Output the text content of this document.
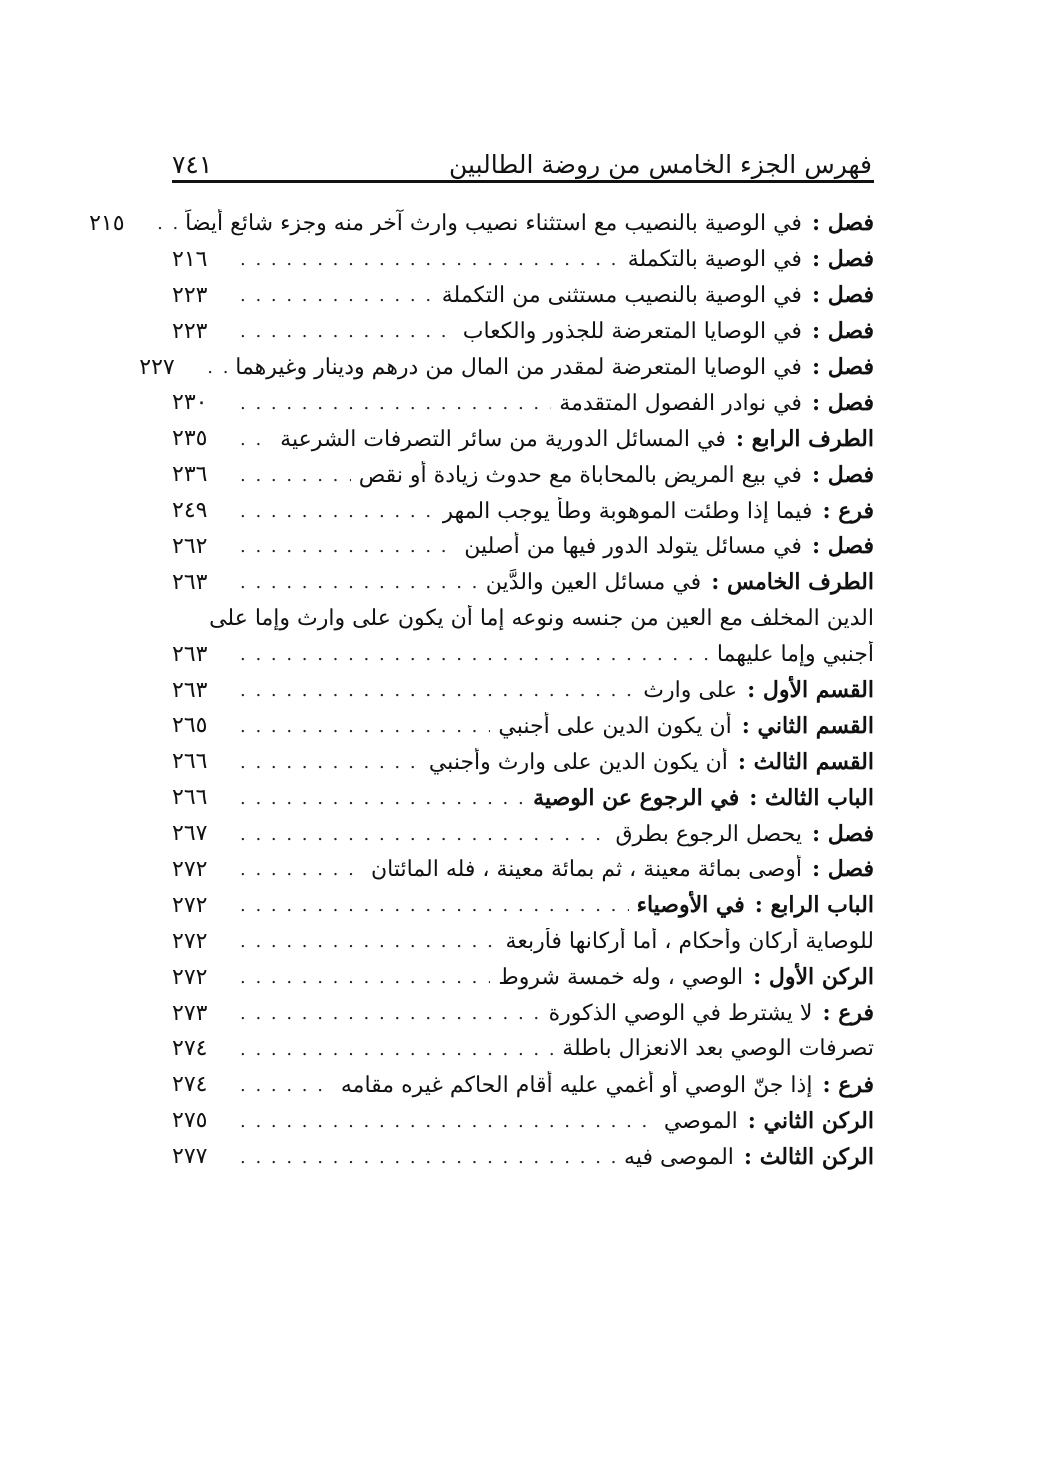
فهرس الجزء الخامس من روضة الطالبين
٧٤١
فصل :في الوصية بالنصيب مع استثناء نصيب وارث آخر منه وجزء شائع أيضاً
. . .
٢١٥
فصل :في الوصية بالتكملة
. . .
٢١٦
فصل :في الوصية بالنصيب مستثنى من التكملة
. . .
٢٢٣
فصل :في الوصايا المتعرضة للجذور والكعاب
. . .
٢٢٣
فصل :في الوصايا المتعرضة لمقدر من المال من درهم ودينار وغيرهما
. . .
٢٢٧
فصل :في نوادر الفصول المتقدمة
. . .
٢٣٠
الطرف الرابع :في المسائل الدورية من سائر التصرفات الشرعية
. . .
٢٣٥
فصل :في بيع المريض بالمحاباة مع حدوث زيادة أو نقص
. . .
٢٣٦
فرع :فيما إذا وطئت الموهوبة وطأ يوجب المهر
. . .
٢٤٩
فصل :في مسائل يتولد الدور فيها من أصلين
. . .
٢٦٢
الطرف الخامس :في مسائل العين والدَّين
. . .
٢٦٣
الدين المخلف مع العين من جنسه ونوعه إما أن يكون على وارث وإما على
أجنبي وإما عليهما
. . .
٢٦٣
القسم الأول :على وارث
. . .
٢٦٣
القسم الثاني :أن يكون الدين على أجنبي
. . .
٢٦٥
القسم الثالث :أن يكون الدين على وارث وأجنبي
. . .
٢٦٦
الباب الثالث :في الرجوع عن الوصية
. . .
٢٦٦
فصل :يحصل الرجوع بطرق
. . .
٢٦٧
فصل :أوصى بمائة معينة ، ثم بمائة معينة ، فله المائتان
. . .
٢٧٢
الباب الرابع :في الأوصياء
. . .
٢٧٢
للوصاية أركان وأحكام ، أما أركانها فأربعة
. . .
٢٧٢
الركن الأول :الوصي ، وله خمسة شروط
. . .
٢٧٢
فرع :لا يشترط في الوصي الذكورة
. . .
٢٧٣
تصرفات الوصي بعد الانعزال باطلة
. . .
٢٧٤
فرع :إذا جنّ الوصي أو أغمي عليه أقام الحاكم غيره مقامه
. . .
٢٧٤
الركن الثاني :الموصي
. . .
٢٧٥
الركن الثالث :الموصى فيه
. . .
٢٧٧
